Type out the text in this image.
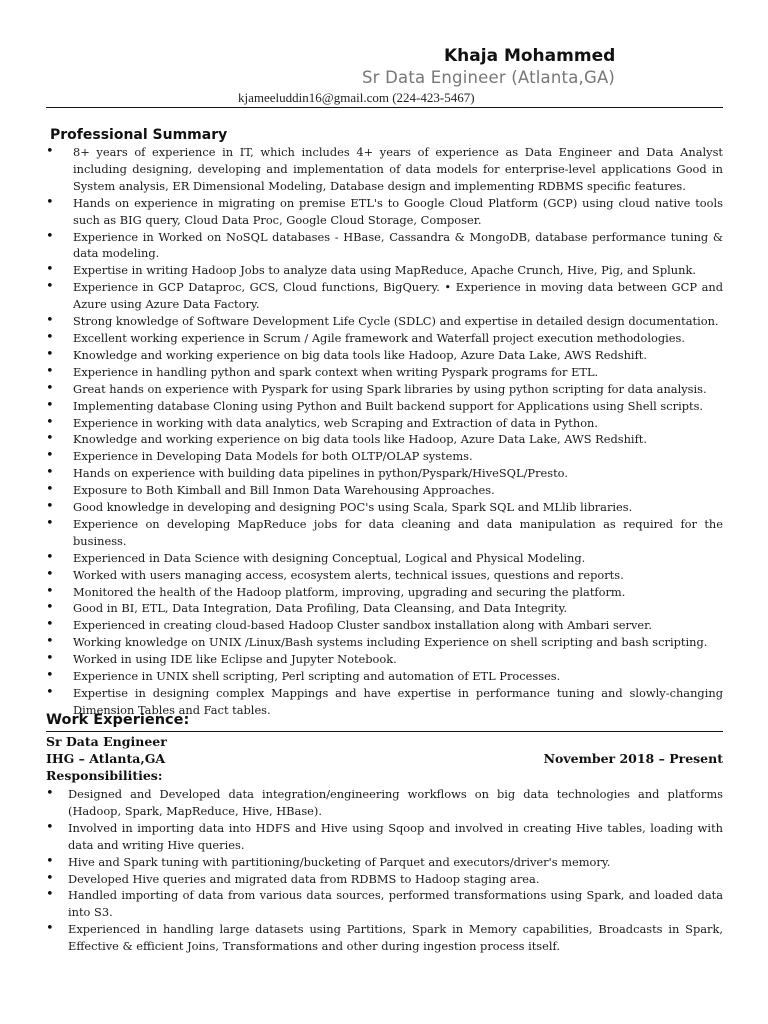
Khaja Mohammed
Sr Data Engineer (Atlanta,GA)
kjameeluddin16@gmail.com (224-423-5467)
Professional Summary
• 8+ years of experience in IT, which includes 4+ years of experience as Data Engineer and Data Analyst including designing, developing and implementation of data models for enterprise-level applications Good in System analysis, ER Dimensional Modeling, Database design and implementing RDBMS specific features.
• Hands on experience in migrating on premise ETL's to Google Cloud Platform (GCP) using cloud native tools such as BIG query, Cloud Data Proc, Google Cloud Storage, Composer.
• Experience in Worked on NoSQL databases - HBase, Cassandra & MongoDB, database performance tuning & data modeling.
• Expertise in writing Hadoop Jobs to analyze data using MapReduce, Apache Crunch, Hive, Pig, and Splunk.
• Experience in GCP Dataproc, GCS, Cloud functions, BigQuery. • Experience in moving data between GCP and Azure using Azure Data Factory.
• Strong knowledge of Software Development Life Cycle (SDLC) and expertise in detailed design documentation.
• Excellent working experience in Scrum / Agile framework and Waterfall project execution methodologies.
• Knowledge and working experience on big data tools like Hadoop, Azure Data Lake, AWS Redshift.
• Experience in handling python and spark context when writing Pyspark programs for ETL.
• Great hands on experience with Pyspark for using Spark libraries by using python scripting for data analysis.
• Implementing database Cloning using Python and Built backend support for Applications using Shell scripts.
• Experience in working with data analytics, web Scraping and Extraction of data in Python.
• Knowledge and working experience on big data tools like Hadoop, Azure Data Lake, AWS Redshift.
• Experience in Developing Data Models for both OLTP/OLAP systems.
• Hands on experience with building data pipelines in python/Pyspark/HiveSQL/Presto.
• Exposure to Both Kimball and Bill Inmon Data Warehousing Approaches.
• Good knowledge in developing and designing POC's using Scala, Spark SQL and MLlib libraries.
• Experience on developing MapReduce jobs for data cleaning and data manipulation as required for the business.
• Experienced in Data Science with designing Conceptual, Logical and Physical Modeling.
• Worked with users managing access, ecosystem alerts, technical issues, questions and reports.
• Monitored the health of the Hadoop platform, improving, upgrading and securing the platform.
• Good in BI, ETL, Data Integration, Data Profiling, Data Cleansing, and Data Integrity.
• Experienced in creating cloud-based Hadoop Cluster sandbox installation along with Ambari server.
• Working knowledge on UNIX /Linux/Bash systems including Experience on shell scripting and bash scripting.
• Worked in using IDE like Eclipse and Jupyter Notebook.
• Experience in UNIX shell scripting, Perl scripting and automation of ETL Processes.
• Expertise in designing complex Mappings and have expertise in performance tuning and slowly-changing Dimension Tables and Fact tables.
Work Experience:
Sr Data Engineer
IHG – Atlanta,GA	November 2018 – Present
Responsibilities:
• Designed and Developed data integration/engineering workflows on big data technologies and platforms (Hadoop, Spark, MapReduce, Hive, HBase).
• Involved in importing data into HDFS and Hive using Sqoop and involved in creating Hive tables, loading with data and writing Hive queries.
• Hive and Spark tuning with partitioning/bucketing of Parquet and executors/driver's memory.
• Developed Hive queries and migrated data from RDBMS to Hadoop staging area.
• Handled importing of data from various data sources, performed transformations using Spark, and loaded data into S3.
• Experienced in handling large datasets using Partitions, Spark in Memory capabilities, Broadcasts in Spark, Effective & efficient Joins, Transformations and other during ingestion process itself.
